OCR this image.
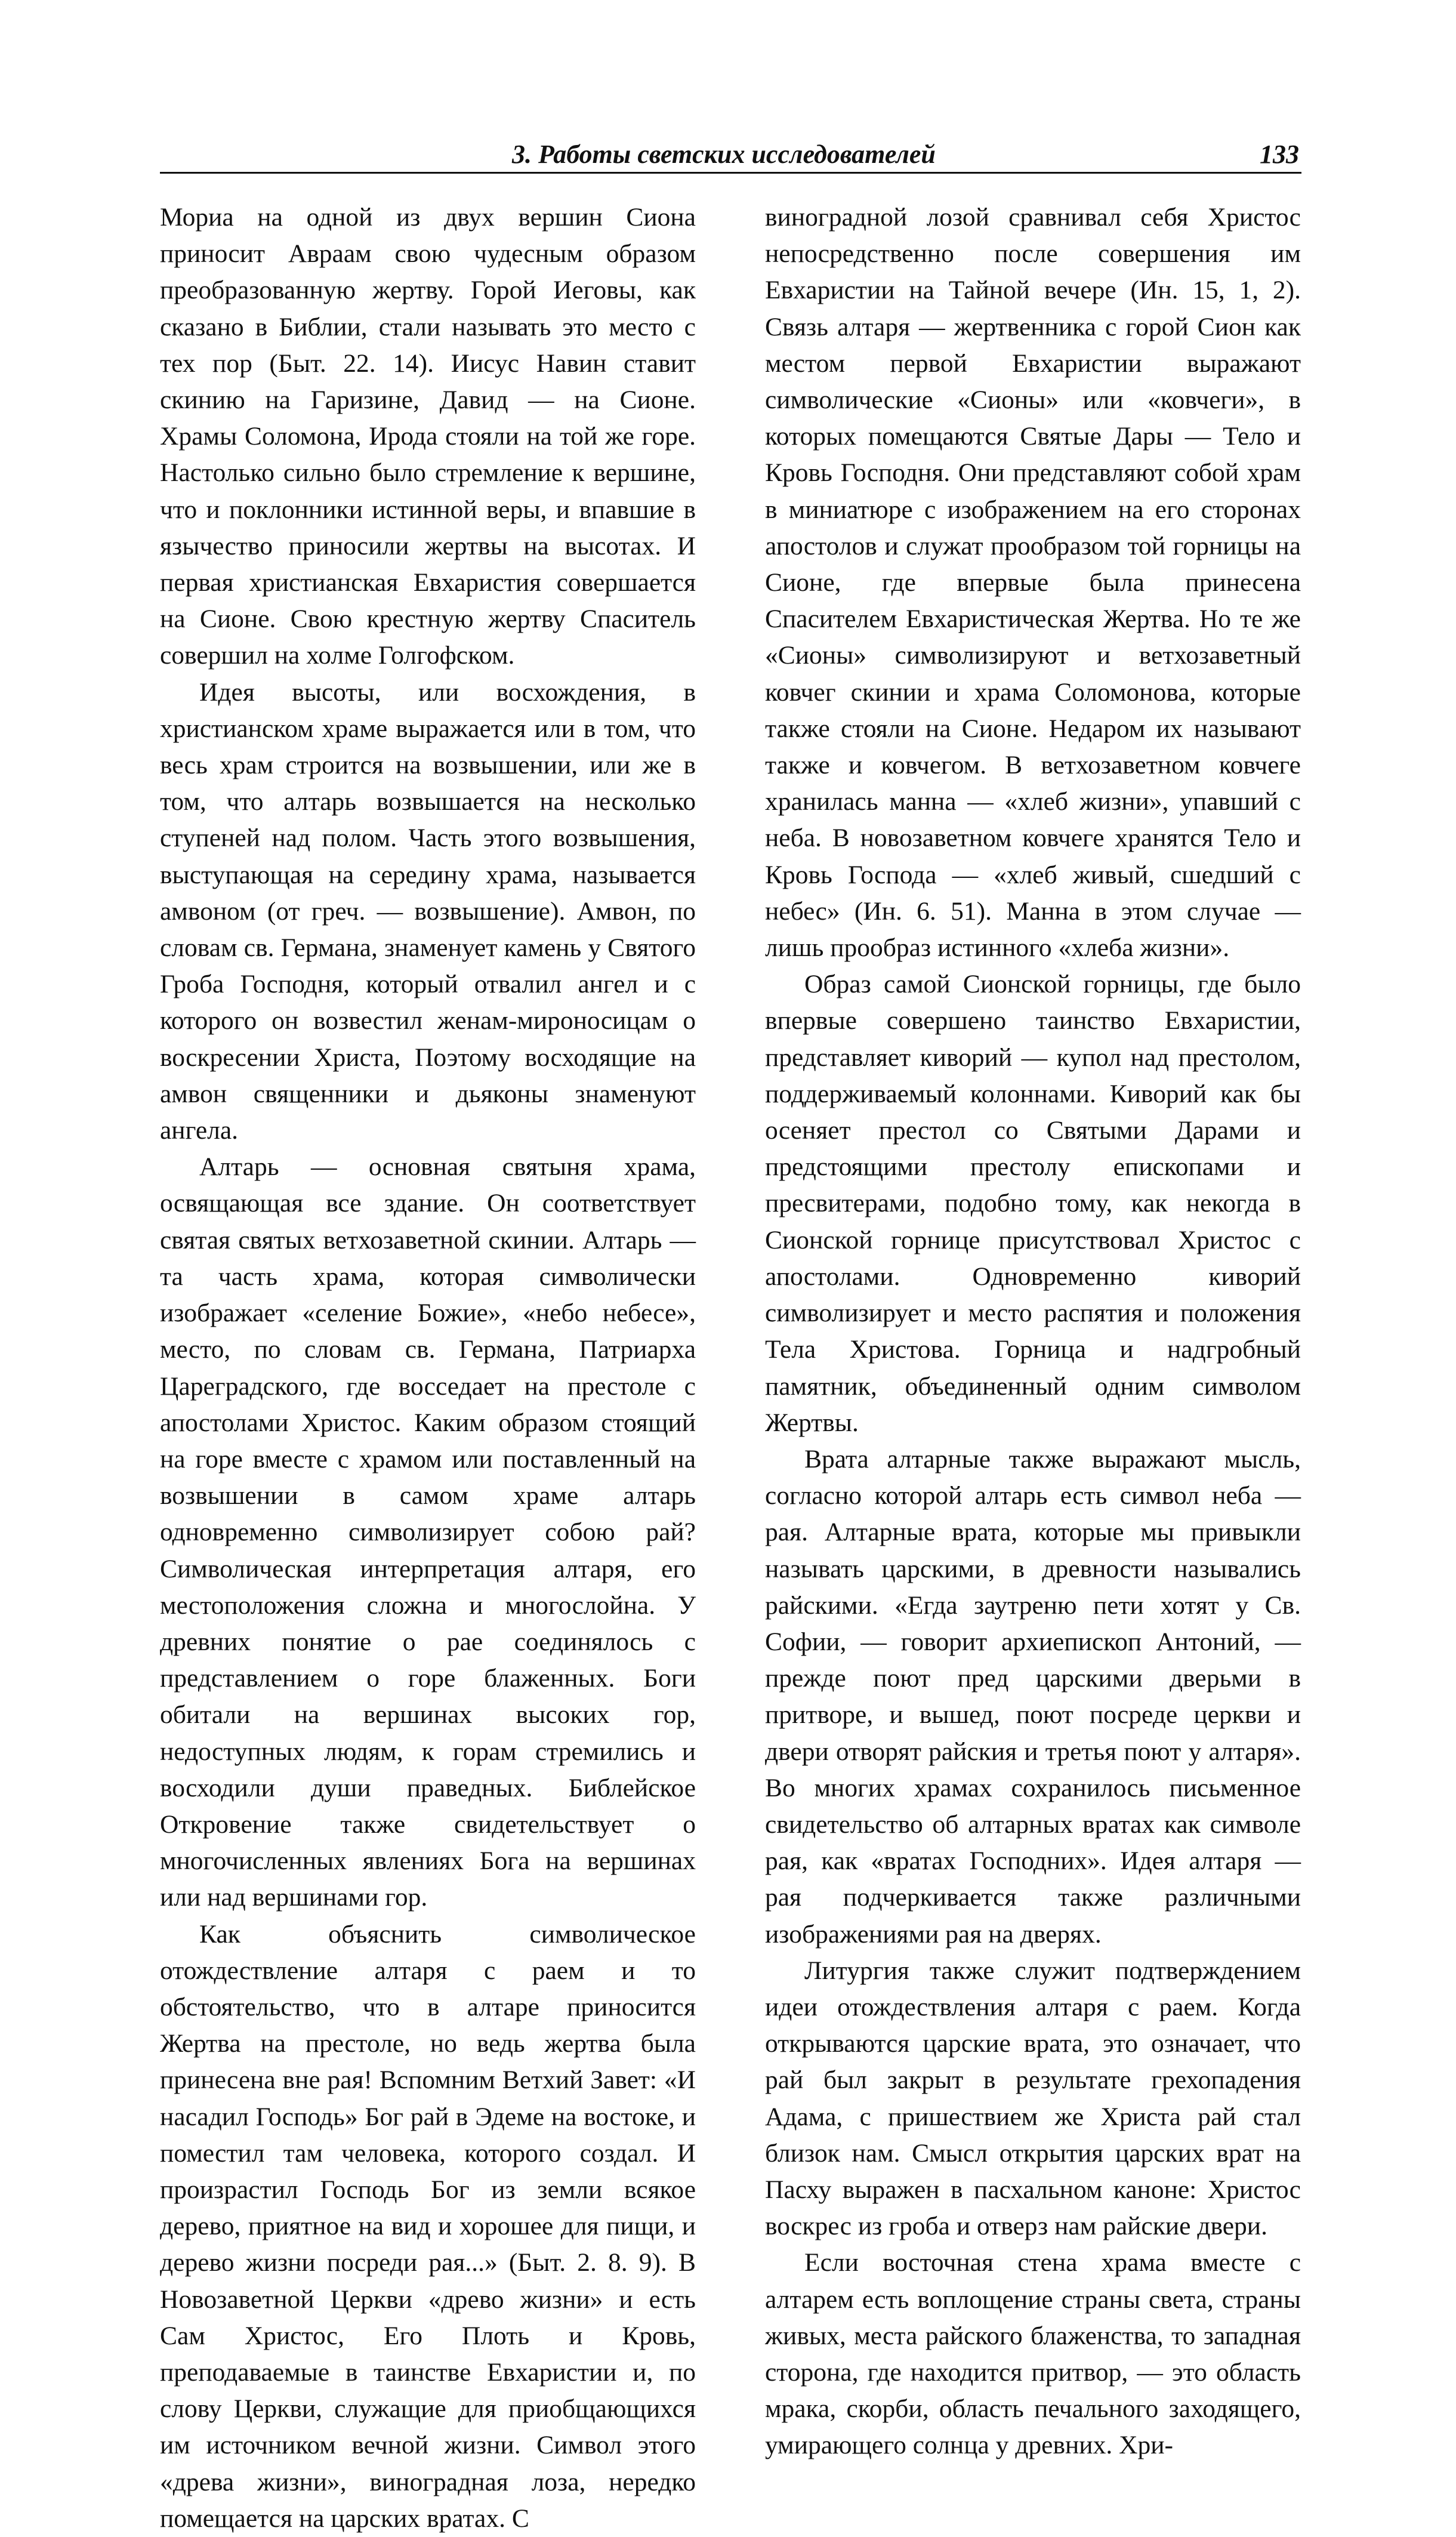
3. Работы светских исследователей	133

Мориа на одной из двух вершин Сиона приносит Авраам свою чудесным образом преобразованную жертву. Горой Иеговы, как сказано в Библии, стали называть это место с тех пор (Быт. 22. 14). Иисус Навин ставит скинию на Гаризине, Давид — на Сионе. Храмы Соломона, Ирода стояли на той же горе. Настолько сильно было стремление к вершине, что и поклонники истинной веры, и впавшие в язычество приносили жертвы на высотах. И первая христианская Евхаристия совершается на Сионе. Свою крестную жертву Спаситель совершил на холме Голгофском.

Идея высоты, или восхождения, в христианском храме выражается или в том, что весь храм строится на возвышении, или же в том, что алтарь возвышается на несколько ступеней над полом. Часть этого возвышения, выступающая на середину храма, называется амвоном (от греч. — возвышение). Амвон, по словам св. Германа, знаменует камень у Святого Гроба Господня, который отвалил ангел и с которого он возвестил женам-мироносицам о воскресении Христа, Поэтому восходящие на амвон священники и дьяконы знаменуют ангела.

Алтарь — основная святыня храма, освящающая все здание. Он соответствует святая святых ветхозаветной скинии. Алтарь — та часть храма, которая символически изображает «селение Божие», «небо небесе», место, по словам св. Германа, Патриарха Цареградского, где восседает на престоле с апостолами Христос. Каким образом стоящий на горе вместе с храмом или поставленный на возвышении в самом храме алтарь одновременно символизирует собою рай? Символическая интерпретация алтаря, его местоположения сложна и многослойна. У древних понятие о рае соединялось с представлением о горе блаженных. Боги обитали на вершинах высоких гор, недоступных людям, к горам стремились и восходили души праведных. Библейское Откровение также свидетельствует о многочисленных явлениях Бога на вершинах или над вершинами гор.

Как объяснить символическое отождествление алтаря с раем и то обстоятельство, что в алтаре приносится Жертва на престоле, но ведь жертва была принесена вне рая! Вспомним Ветхий Завет: «И насадил Господь» Бог рай в Эдеме на востоке, и поместил там человека, которого создал. И произрастил Господь Бог из земли всякое дерево, приятное на вид и хорошее для пищи, и дерево жизни посреди рая...» (Быт. 2. 8. 9). В Новозаветной Церкви «древо жизни» и есть Сам Христос, Его Плоть и Кровь, преподаваемые в таинстве Евхаристии и, по слову Церкви, служащие для приобщающихся им источником вечной жизни. Символ этого «древа жизни», виноградная лоза, нередко помещается на царских вратах. С

виноградной лозой сравнивал себя Христос непосредственно после совершения им Евхаристии на Тайной вечере (Ин. 15, 1, 2). Связь алтаря — жертвенника с горой Сион как местом первой Евхаристии выражают символические «Сионы» или «ковчеги», в которых помещаются Святые Дары — Тело и Кровь Господня. Они представляют собой храм в миниатюре с изображением на его сторонах апостолов и служат прообразом той горницы на Сионе, где впервые была принесена Спасителем Евхаристическая Жертва. Но те же «Сионы» символизируют и ветхозаветный ковчег скинии и храма Соломонова, которые также стояли на Сионе. Недаром их называют также и ковчегом. В ветхозаветном ковчеге хранилась манна — «хлеб жизни», упавший с неба. В новозаветном ковчеге хранятся Тело и Кровь Господа — «хлеб живый, сшедший с небес» (Ин. 6. 51). Манна в этом случае — лишь прообраз истинного «хлеба жизни».

Образ самой Сионской горницы, где было впервые совершено таинство Евхаристии, представляет киворий — купол над престолом, поддерживаемый колоннами. Киворий как бы осеняет престол со Святыми Дарами и предстоящими престолу епископами и пресвитерами, подобно тому, как некогда в Сионской горнице присутствовал Христос с апостолами. Одновременно киворий символизирует и место распятия и положения Тела Христова. Горница и надгробный памятник, объединенный одним символом Жертвы.

Врата алтарные также выражают мысль, согласно которой алтарь есть символ неба — рая. Алтарные врата, которые мы привыкли называть царскими, в древности назывались райскими. «Егда заутреню пети хотят у Св. Софии, — говорит архиепископ Антоний, — прежде поют пред царскими дверьми в притворе, и вышед, поют посреде церкви и двери отворят райския и третья поют у алтаря». Во многих храмах сохранилось письменное свидетельство об алтарных вратах как символе рая, как «вратах Господних». Идея алтаря — рая подчеркивается также различными изображениями рая на дверях.

Литургия также служит подтверждением идеи отождествления алтаря с раем. Когда открываются царские врата, это означает, что рай был закрыт в результате грехопадения Адама, с пришествием же Христа рай стал близок нам. Смысл открытия царских врат на Пасху выражен в пасхальном каноне: Христос воскрес из гроба и отверз нам райские двери.

Если восточная стена храма вместе с алтарем есть воплощение страны света, страны живых, места райского блаженства, то западная сторона, где находится притвор, — это область мрака, скорби, область печального заходящего, умирающего солнца у древних. Хри-
